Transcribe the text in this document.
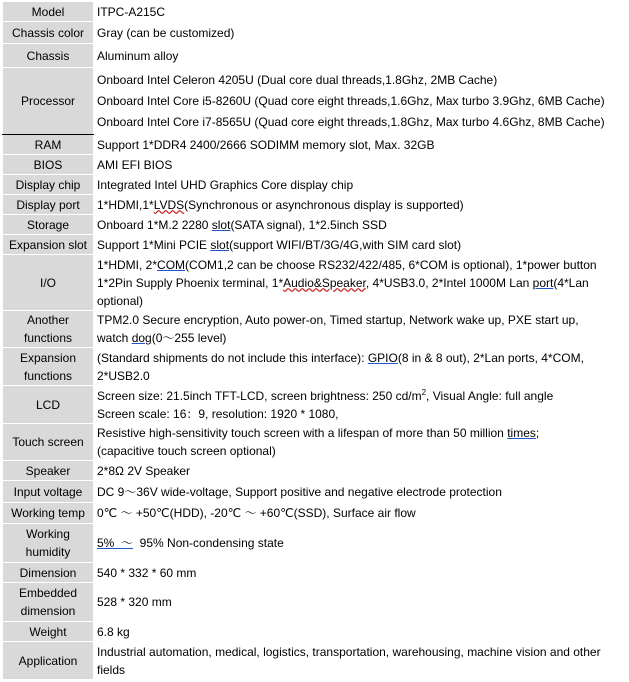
Model	ITPC-A215C
Chassis color	Gray (can be customized)
Chassis	Aluminum alloy
Processor	Onboard Intel Celeron 4205U (Dual core dual threads,1.8Ghz, 2MB Cache)
Onboard Intel Core i5-8260U (Quad core eight threads,1.6Ghz, Max turbo 3.9Ghz, 6MB Cache)
Onboard Intel Core i7-8565U (Quad core eight threads,1.8Ghz, Max turbo 4.6Ghz, 8MB Cache)

RAM	Support 1*DDR4 2400/2666 SODIMM memory slot, Max. 32GB
BIOS	AMI EFI BIOS
Display chip	Integrated Intel UHD Graphics Core display chip
Display port	1*HDMI,1*LVDS(Synchronous or asynchronous display is supported)
Storage	Onboard 1*M.2 2280 slot(SATA signal), 1*2.5inch SSD
Expansion slot	Support 1*Mini PCIE slot(support WIFI/BT/3G/4G,with SIM card slot)
I/O	1*HDMI, 2*COM(COM1,2 can be choose RS232/422/485, 6*COM is optional), 1*power button
1*2Pin Supply Phoenix terminal, 1*Audio&Speaker, 4*USB3.0, 2*Intel 1000M Lan port(4*Lan
optional)

Another
functions	TPM2.0 Secure encryption, Auto power-on, Timed startup, Network wake up, PXE start up,
watch dog(0～255 level)

Expansion
functions	(Standard shipments do not include this interface): GPIO(8 in & 8 out), 2*Lan ports, 4*COM,
2*USB2.0

LCD	Screen size: 21.5inch TFT-LCD, screen brightness: 250 $cd/m^2$, Visual Angle: full angle
Screen scale: 16：9, resolution: 1920 * 1080,

Touch screen	Resistive high-sensitivity touch screen with a lifespan of more than 50 million times;
(capacitive touch screen optional)

Speaker	2*8Ω 2V Speaker
Input voltage	DC 9～36V wide-voltage, Support positive and negative electrode protection
Working temp	0℃ ～ +50℃(HDD), -20℃ ～ +60℃(SSD), Surface air flow

Working
humidity	5%  ～  95% Non-condensing state
Dimension	540 * 332 * 60 mm

Embedded
dimension	528 * 320 mm
Weight	6.8 kg
Application	Industrial automation, medical, logistics, transportation, warehousing, machine vision and other
fields
